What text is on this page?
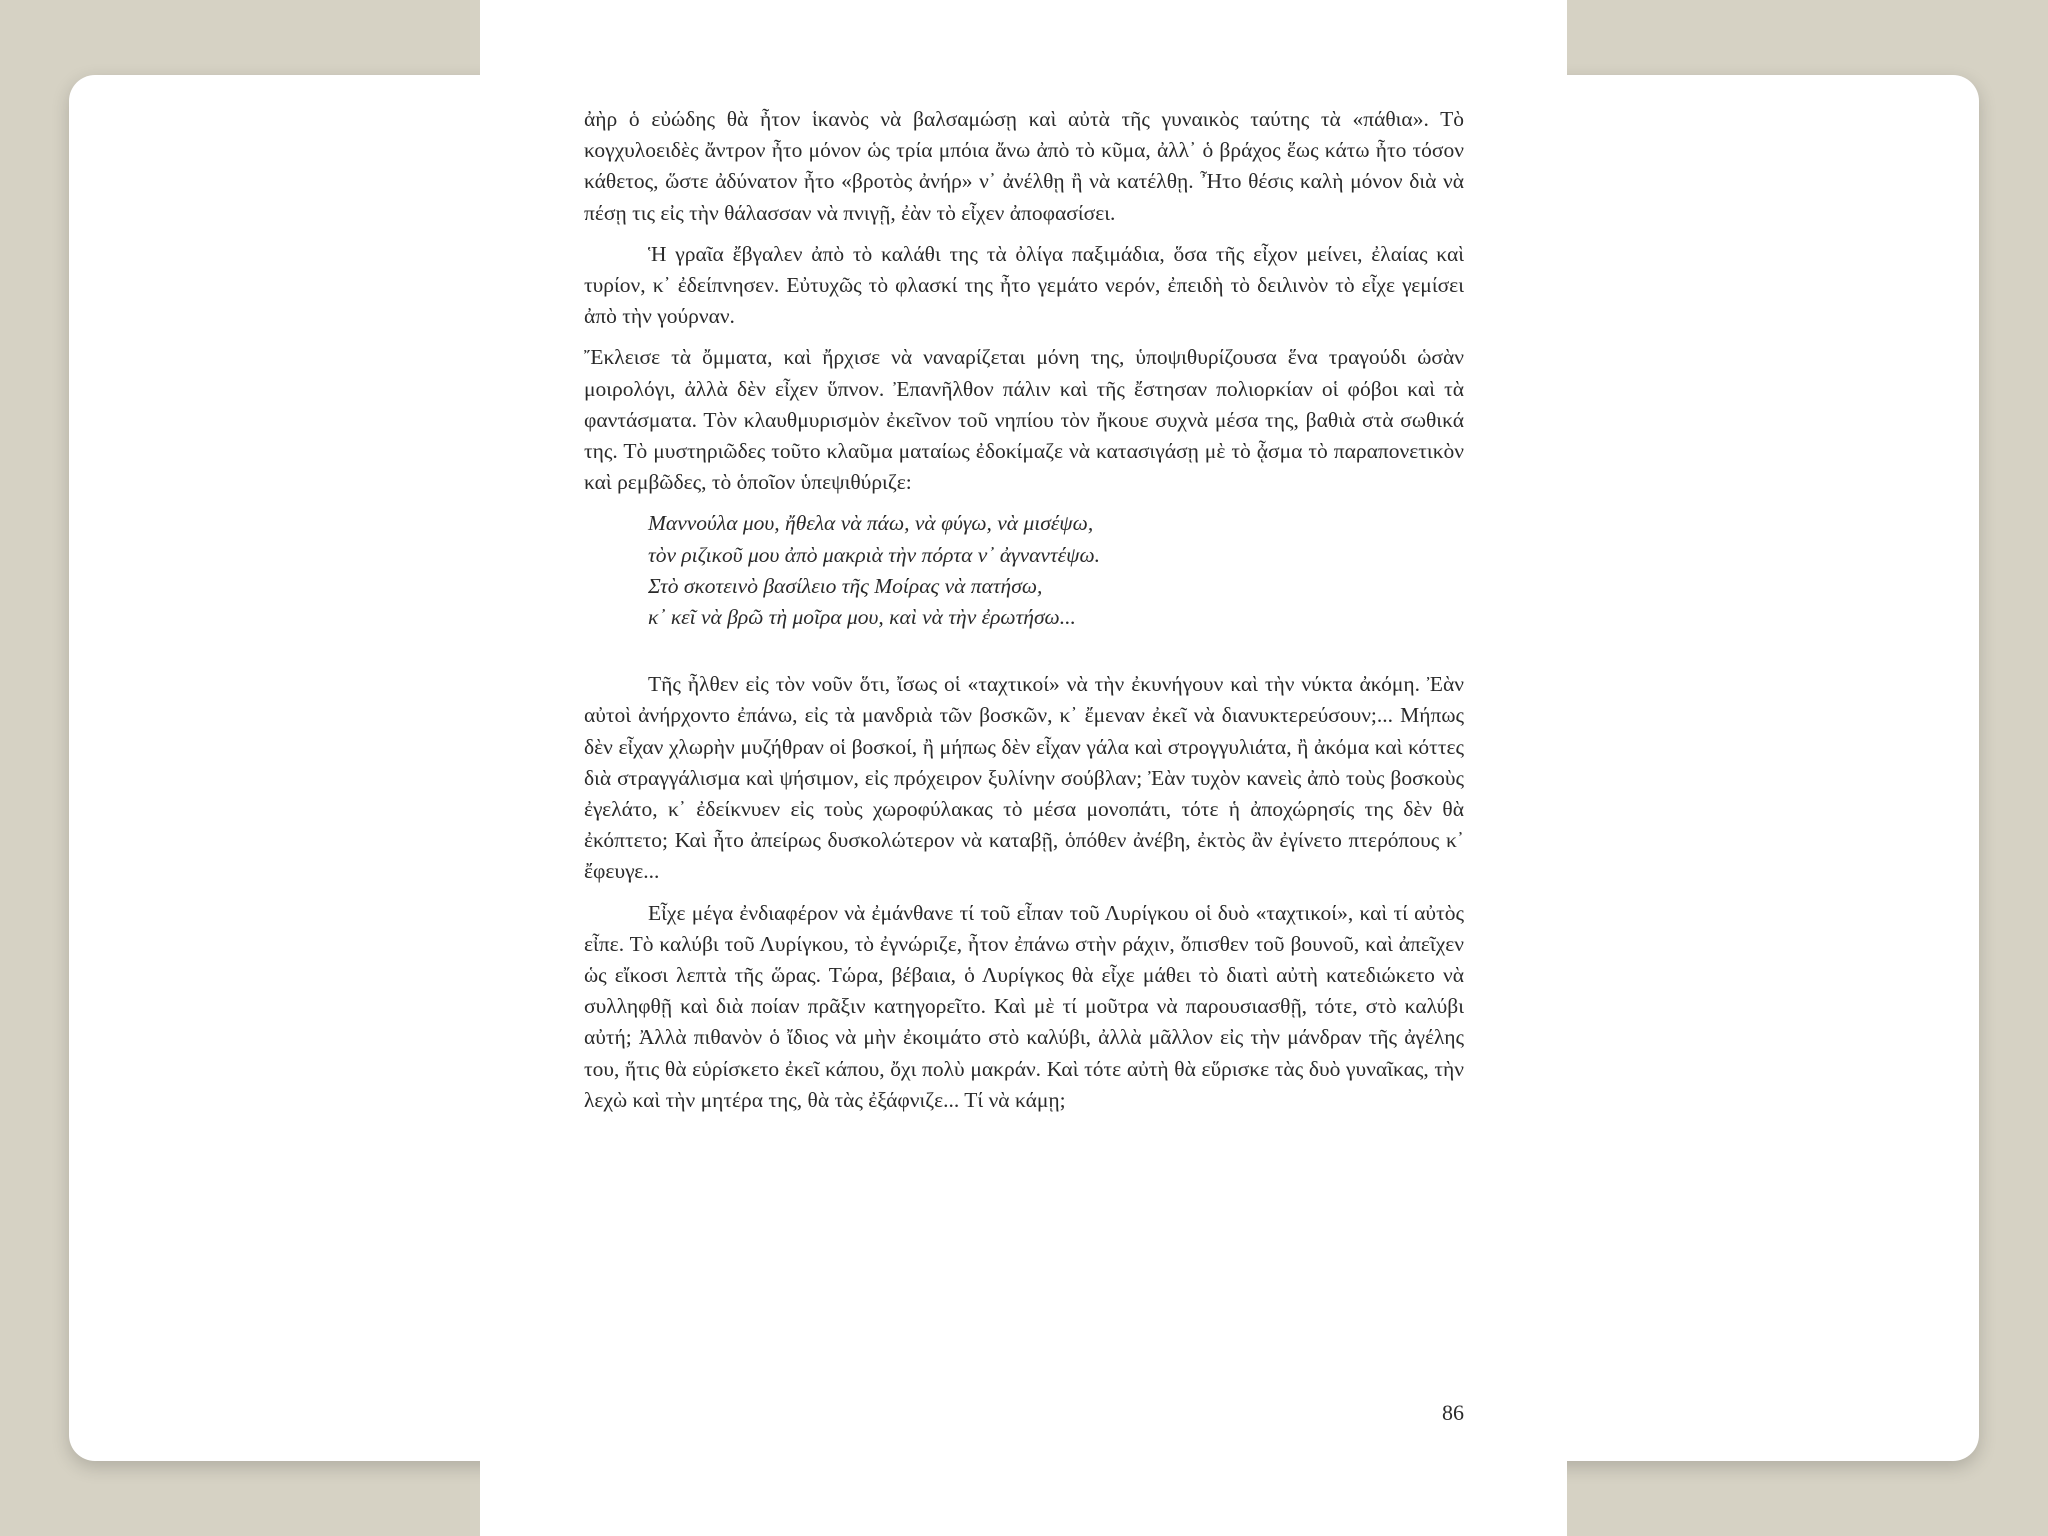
ἀὴρ ὁ εὐώδης θὰ ἦτον ἱκανὸς νὰ βαλσαμώσῃ καὶ αὐτὰ τῆς γυναικὸς ταύτης τὰ «πάθια». Τὸ κογχυλοειδὲς ἄντρον ἦτο μόνον ὡς τρία μπόια ἄνω ἀπὸ τὸ κῦμα, ἀλλ᾽ ὁ βράχος ἕως κάτω ἦτο τόσον κάθετος, ὥστε ἀδύνατον ἦτο «βροτὸς ἀνήρ» ν᾽ ἀνέλθῃ ἢ νὰ κατέλθῃ. Ἦτο θέσις καλὴ μόνον διὰ νὰ πέσῃ τις εἰς τὴν θάλασσαν νὰ πνιγῇ, ἐὰν τὸ εἶχεν ἀποφασίσει.

Ἡ γραῖα ἔβγαλεν ἀπὸ τὸ καλάθι της τὰ ὀλίγα παξιμάδια, ὅσα τῆς εἶχον μείνει, ἐλαίας καὶ τυρίον, κ᾽ ἐδείπνησεν. Εὐτυχῶς τὸ φλασκί της ἦτο γεμάτο νερόν, ἐπειδὴ τὸ δειλινὸν τὸ εἶχε γεμίσει ἀπὸ τὴν γούρναν.

Ἔκλεισε τὰ ὄμματα, καὶ ἤρχισε νὰ ναναρίζεται μόνη της, ὑποψιθυρίζουσα ἕνα τραγούδι ὡσὰν μοιρολόγι, ἀλλὰ δὲν εἶχεν ὕπνον. Ἐπανῆλθον πάλιν καὶ τῆς ἔστησαν πολιορκίαν οἱ φόβοι καὶ τὰ φαντάσματα. Τὸν κλαυθμυρισμὸν ἐκεῖνον τοῦ νηπίου τὸν ἤκουε συχνὰ μέσα της, βαθιὰ στὰ σωθικά της. Τὸ μυστηριῶδες τοῦτο κλαῦμα ματαίως ἐδοκίμαζε νὰ κατασιγάσῃ μὲ τὸ ᾆσμα τὸ παραπονετικὸν καὶ ρεμβῶδες, τὸ ὁποῖον ὑπεψιθύριζε:

Μαννούλα μου, ἤθελα νὰ πάω, νὰ φύγω, νὰ μισέψω,
τὸν ριζικοῦ μου ἀπὸ μακριὰ τὴν πόρτα ν᾽ ἀγναντέψω.
Στὸ σκοτεινὸ βασίλειο τῆς Μοίρας νὰ πατήσω,
κ᾽ κεῖ νὰ βρῶ τὴ μοῖρα μου, καὶ νὰ τὴν ἐρωτήσω...

Τῆς ἦλθεν εἰς τὸν νοῦν ὅτι, ἴσως οἱ «ταχτικοί» νὰ τὴν ἐκυνήγουν καὶ τὴν νύκτα ἀκόμη. Ἐὰν αὐτοὶ ἀνήρχοντο ἐπάνω, εἰς τὰ μανδριὰ τῶν βοσκῶν, κ᾽ ἔμεναν ἐκεῖ νὰ διανυκτερεύσουν;... Μήπως δὲν εἶχαν χλωρὴν μυζήθραν οἱ βοσκοί, ἢ μήπως δὲν εἶχαν γάλα καὶ στρογγυλιάτα, ἢ ἀκόμα καὶ κόττες διὰ στραγγάλισμα καὶ ψήσιμον, εἰς πρόχειρον ξυλίνην σούβλαν; Ἐὰν τυχὸν κανεὶς ἀπὸ τοὺς βοσκοὺς ἐγελάτο, κ᾽ ἐδείκνυεν εἰς τοὺς χωροφύλακας τὸ μέσα μονοπάτι, τότε ἡ ἀποχώρησίς της δὲν θὰ ἐκόπτετο; Καὶ ἦτο ἀπείρως δυσκολώτερον νὰ καταβῇ, ὁπόθεν ἀνέβη, ἐκτὸς ἂν ἐγίνετο πτερόπους κ᾽ ἔφευγε...

Εἶχε μέγα ἐνδιαφέρον νὰ ἐμάνθανε τί τοῦ εἶπαν τοῦ Λυρίγκου οἱ δυὸ «ταχτικοί», καὶ τί αὐτὸς εἶπε. Τὸ καλύβι τοῦ Λυρίγκου, τὸ ἐγνώριζε, ἦτον ἐπάνω στὴν ράχιν, ὄπισθεν τοῦ βουνοῦ, καὶ ἀπεῖχεν ὡς εἴκοσι λεπτὰ τῆς ὥρας. Τώρα, βέβαια, ὁ Λυρίγκος θὰ εἶχε μάθει τὸ διατὶ αὐτὴ κατεδιώκετο νὰ συλληφθῇ καὶ διὰ ποίαν πρᾶξιν κατηγορεῖτο. Καὶ μὲ τί μοῦτρα νὰ παρουσιασθῇ, τότε, στὸ καλύβι αὐτή; Ἀλλὰ πιθανὸν ὁ ἴδιος νὰ μὴν ἐκοιμάτο στὸ καλύβι, ἀλλὰ μᾶλλον εἰς τὴν μάνδραν τῆς ἀγέλης του, ἥτις θὰ εὑρίσκετο ἐκεῖ κάπου, ὄχι πολὺ μακράν. Καὶ τότε αὐτὴ θὰ εὕρισκε τὰς δυὸ γυναῖκας, τὴν λεχὼ καὶ τὴν μητέρα της, θὰ τὰς ἐξάφνιζε... Τί νὰ κάμῃ;

86
